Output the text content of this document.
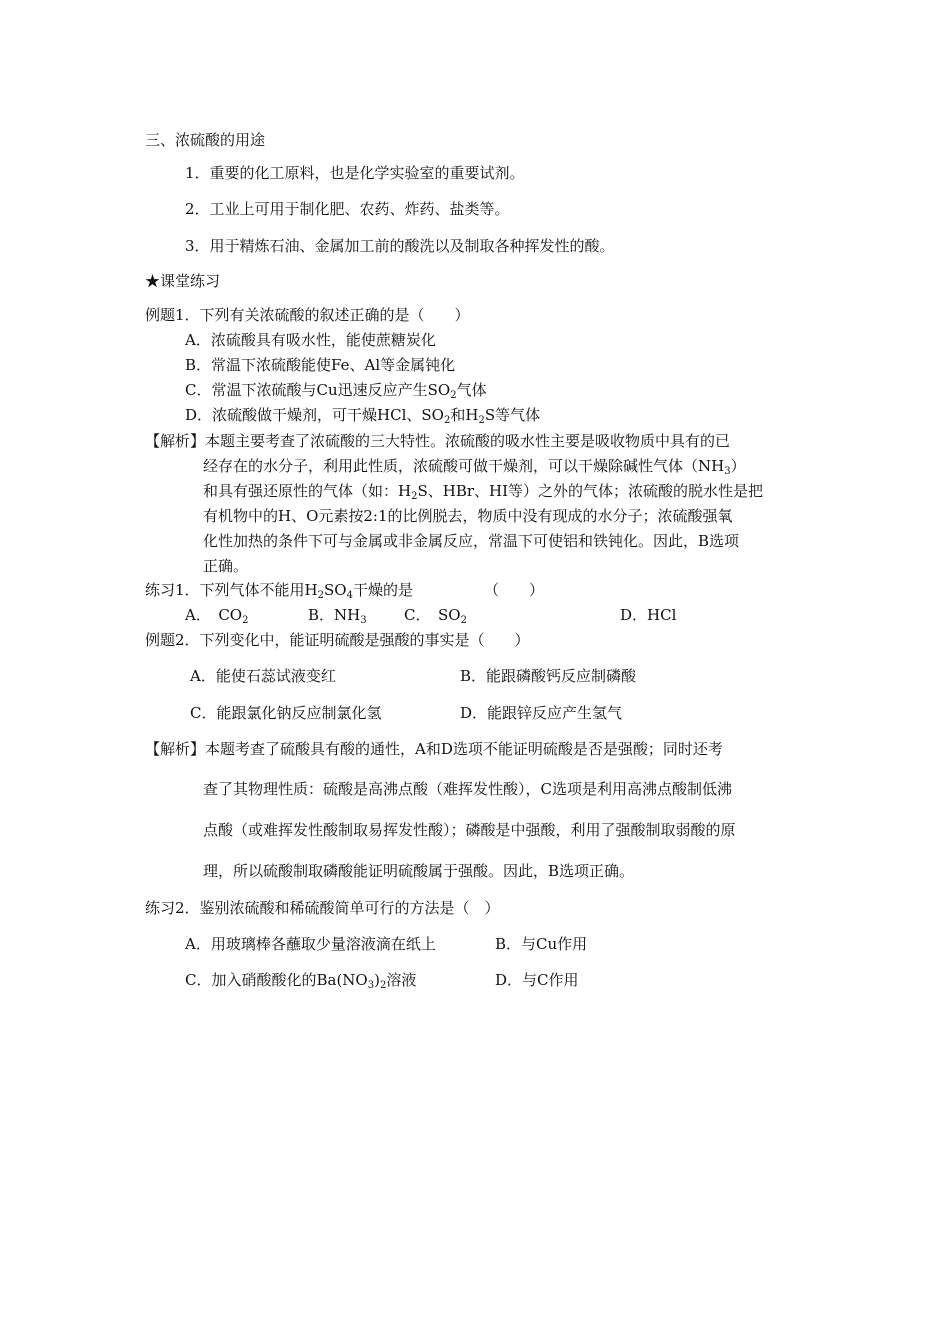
三、浓硫酸的用途
1．重要的化工原料，也是化学实验室的重要试剂。
2．工业上可用于制化肥、农药、炸药、盐类等。
3．用于精炼石油、金属加工前的酸洗以及制取各种挥发性的酸。
★课堂练习
例题1．下列有关浓硫酸的叙述正确的是（　　）
A．浓硫酸具有吸水性，能使蔗糖炭化
B．常温下浓硫酸能使Fe、Al等金属钝化
C．常温下浓硫酸与Cu迅速反应产生$SO_2$气体
D．浓硫酸做干燥剂，可干燥HCl、$SO_2$和$H_2S$等气体
【解析】本题主要考查了浓硫酸的三大特性。浓硫酸的吸水性主要是吸收物质中具有的已
经存在的水分子，利用此性质，浓硫酸可做干燥剂，可以干燥除碱性气体$(NH_3)$
和具有强还原性的气体（如：$H_2S$、HBr、HI等）之外的气体；浓硫酸的脱水性是把
有机物中的H、O元素按2:1的比例脱去，物质中没有现成的水分子；浓硫酸强氧
化性加热的条件下可与金属或非金属反应，常温下可使铝和铁钝化。因此，B选项
正确。
练习1．下列气体不能用$H_2SO_4$干燥的是	（　　）
A．　$CO_2$	B．$NH_3$ C．　$SO_2$	D．HCl
例题2．下列变化中，能证明硫酸是强酸的事实是（　　）
A．能使石蕊试液变红	B．能跟磷酸钙反应制磷酸
C．能跟氯化钠反应制氯化氢	D．能跟锌反应产生氢气
【解析】本题考查了硫酸具有酸的通性，A和D选项不能证明硫酸是否是强酸；同时还考
查了其物理性质：硫酸是高沸点酸（难挥发性酸），C选项是利用高沸点酸制低沸
点酸（或难挥发性酸制取易挥发性酸）；磷酸是中强酸，利用了强酸制取弱酸的原
理，所以硫酸制取磷酸能证明硫酸属于强酸。因此，B选项正确。
练习2．鉴别浓硫酸和稀硫酸简单可行的方法是（　）
A．用玻璃棒各蘸取少量溶液滴在纸上	B．与Cu作用
C．加入硝酸酸化的$Ba(NO_3)_2$溶液	D．与C作用
